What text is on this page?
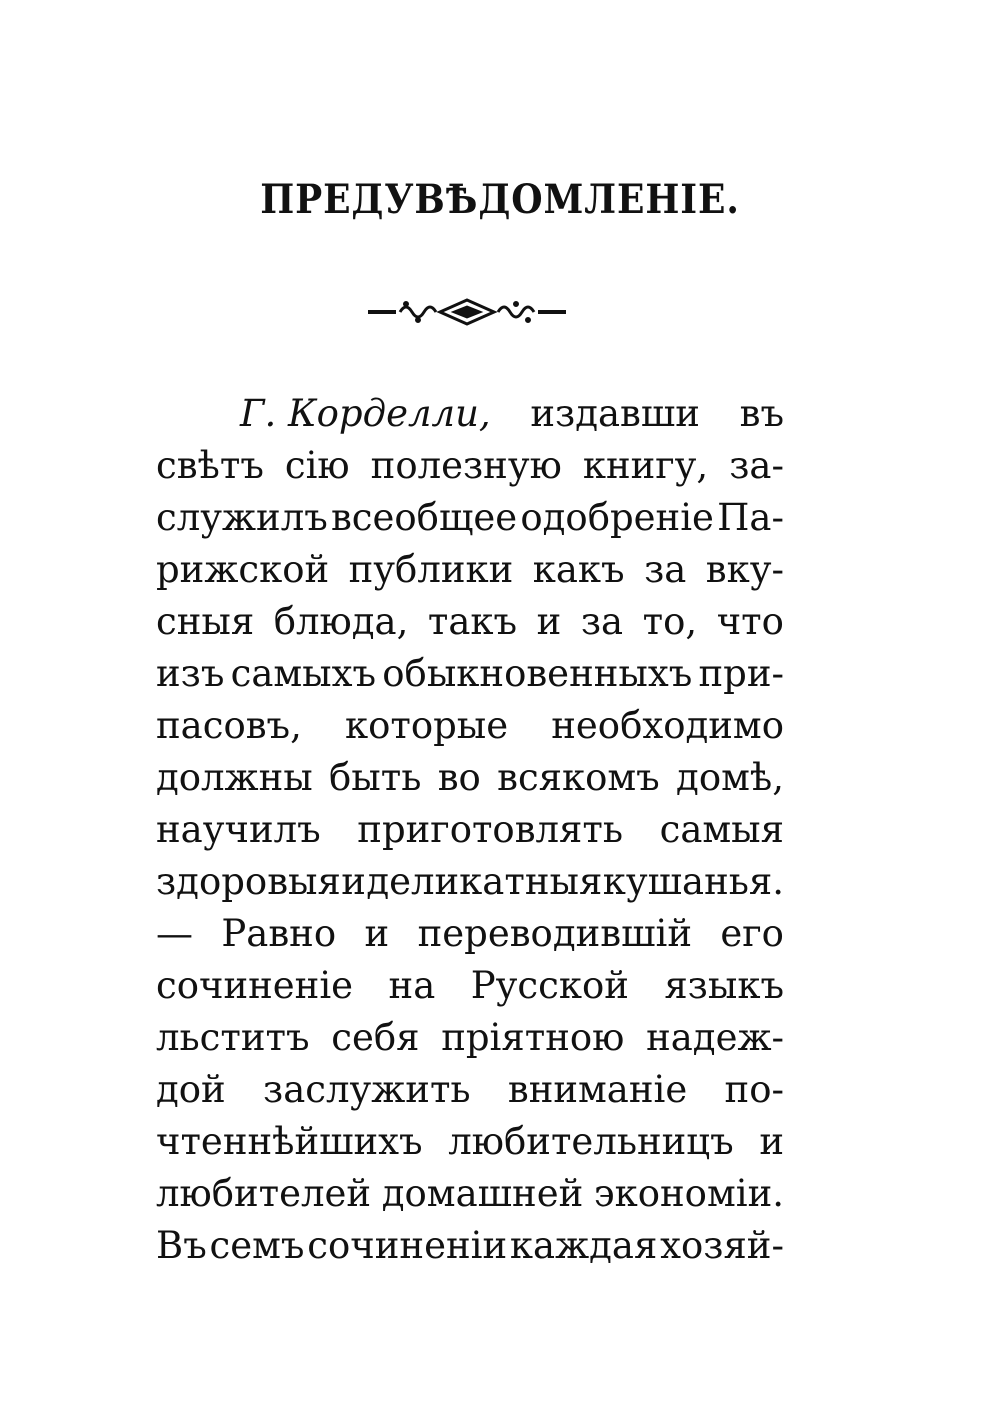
ПРЕДУВѢДОМЛЕНІЕ.
Г. Корделли, издавши въ
свѣтъ сію полезную книгу, за-
служилъ всеобщее одобреніе Па-
рижской публики какъ за вку-
сныя блюда, такъ и за то, что
изъ самыхъ обыкновенныхъ при-
пасовъ, которые необходимо
должны быть во всякомъ домѣ,
научилъ приготовлять самыя
здоровыя и деликатныя кушанья.
— Равно и переводившій его
сочиненіе на Русской языкъ
льститъ себя пріятною надеж-
дой заслужить вниманіе по-
чтеннѣйшихъ любительницъ и
любителей домашней экономіи.
Въ семъ сочиненіи каждая хозяй-
